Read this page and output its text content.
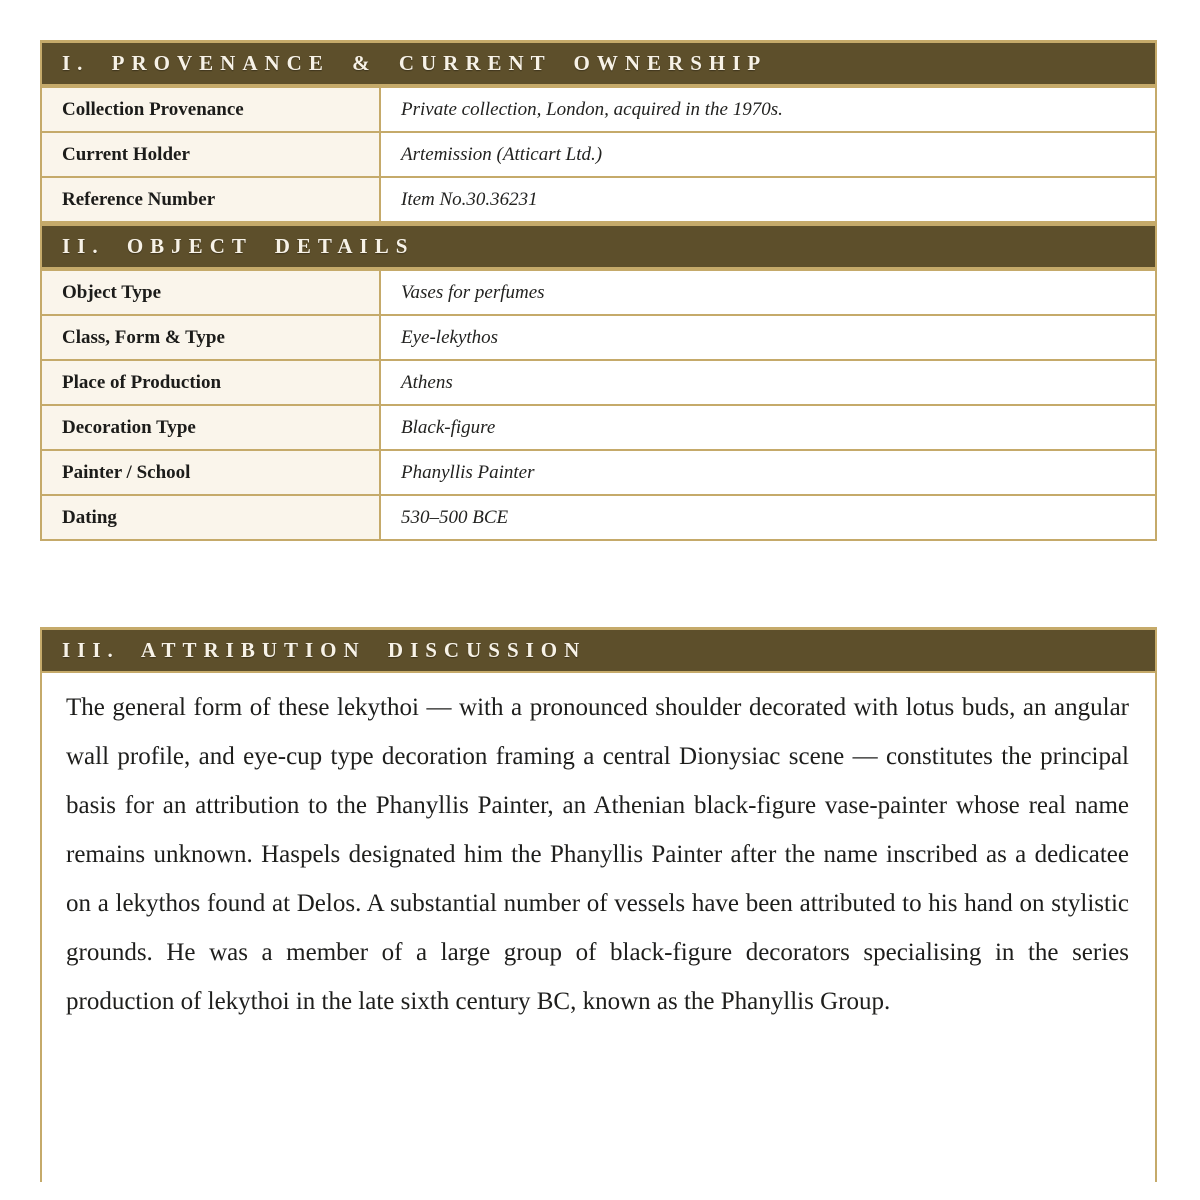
I. PROVENANCE & CURRENT OWNERSHIP
Collection Provenance	Private collection, London, acquired in the 1970s.
Current Holder	Artemission (Atticart Ltd.)
Reference Number	Item No.30.36231
II. OBJECT DETAILS
Object Type	Vases for perfumes
Class, Form & Type	Eye-lekythos
Place of Production	Athens
Decoration Type	Black-figure
Painter / School	Phanyllis Painter
Dating	530–500 BCE
III. ATTRIBUTION DISCUSSION

The general form of these lekythoi — with a pronounced shoulder decorated with lotus buds, an angular wall profile, and eye-cup type decoration framing a central Dionysiac scene — constitutes the principal basis for an attribution to the Phanyllis Painter, an Athenian black-figure vase-painter whose real name remains unknown. Haspels designated him the Phanyllis Painter after the name inscribed as a dedicatee on a lekythos found at Delos. A substantial number of vessels have been attributed to his hand on stylistic grounds. He was a member of a large group of black-figure decorators specialising in the series production of lekythoi in the late sixth century BC, known as the Phanyllis Group.
